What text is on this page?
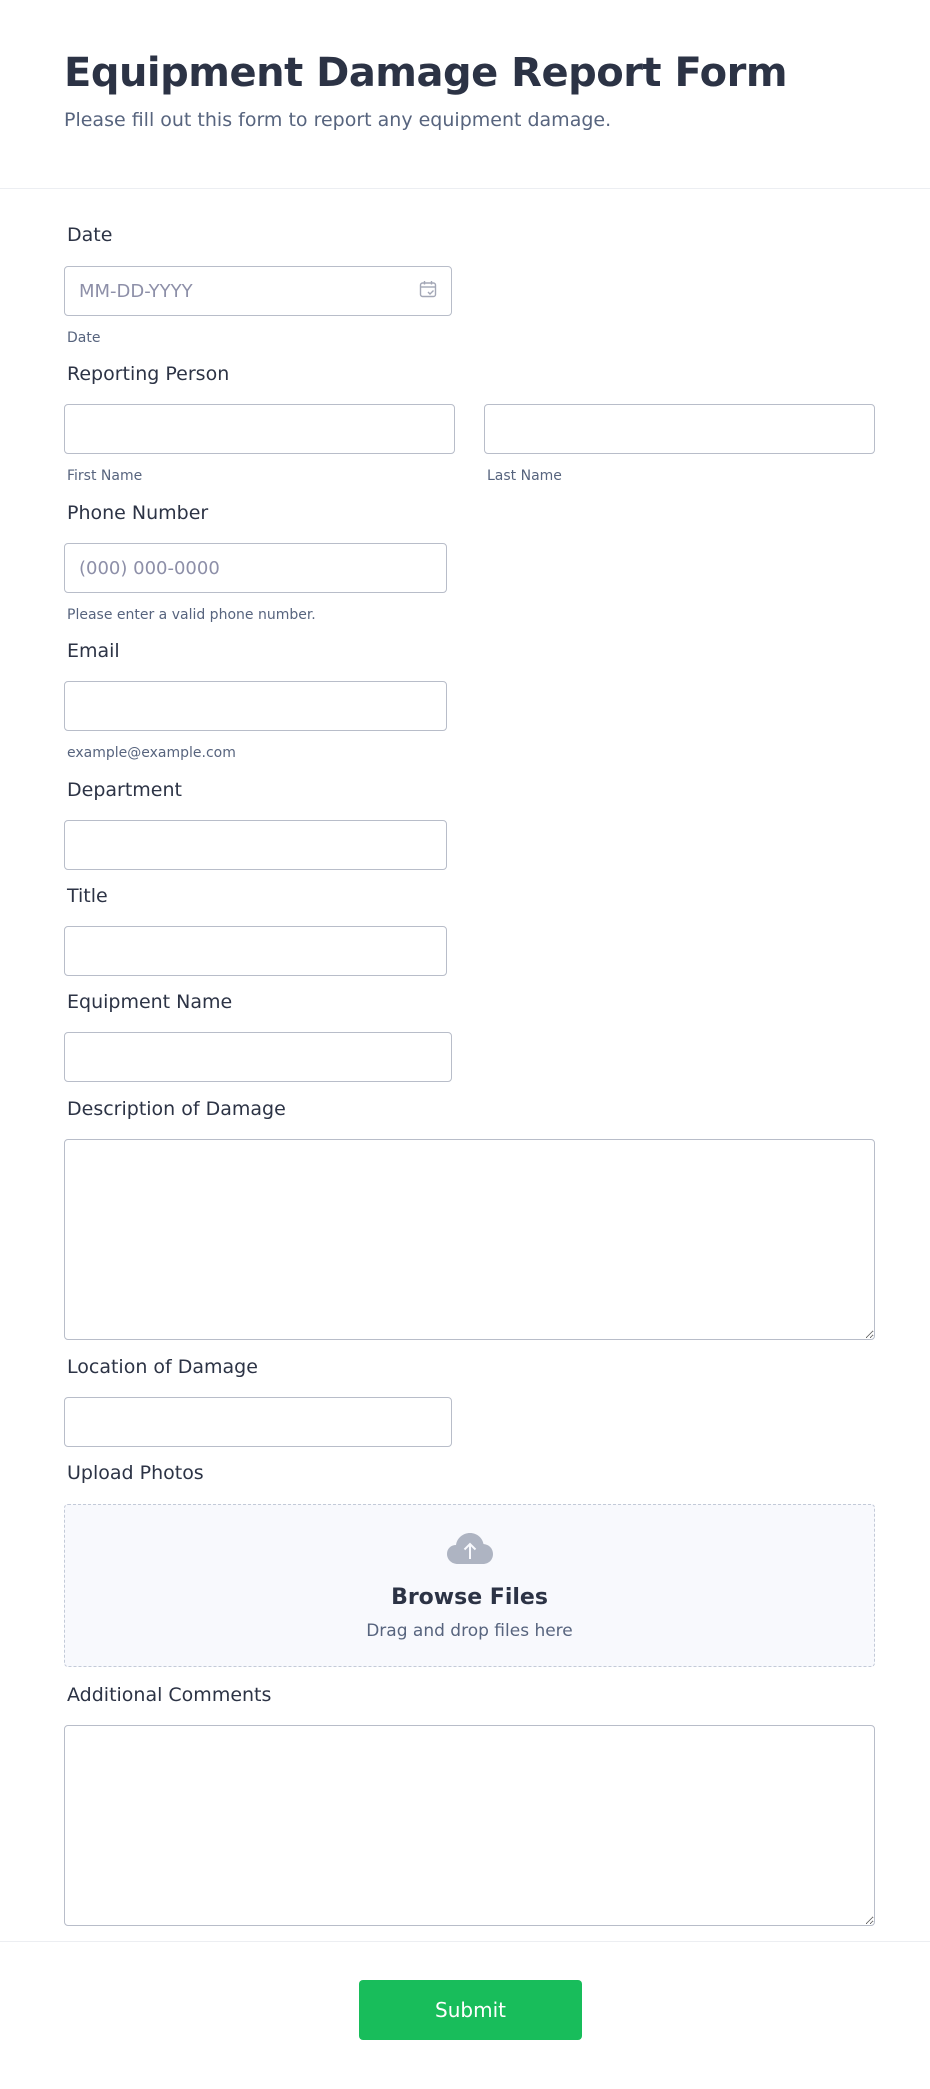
Equipment Damage Report Form

Please fill out this form to report any equipment damage.

Date
MM-DD-YYYY
Date
Reporting Person
First Name	Last Name
Phone Number
(000) 000-0000
Please enter a valid phone number.
Email
example@example.com
Department
Title
Equipment Name
Description of Damage
Location of Damage
Upload Photos
Browse Files
Drag and drop files here
Additional Comments
Submit
